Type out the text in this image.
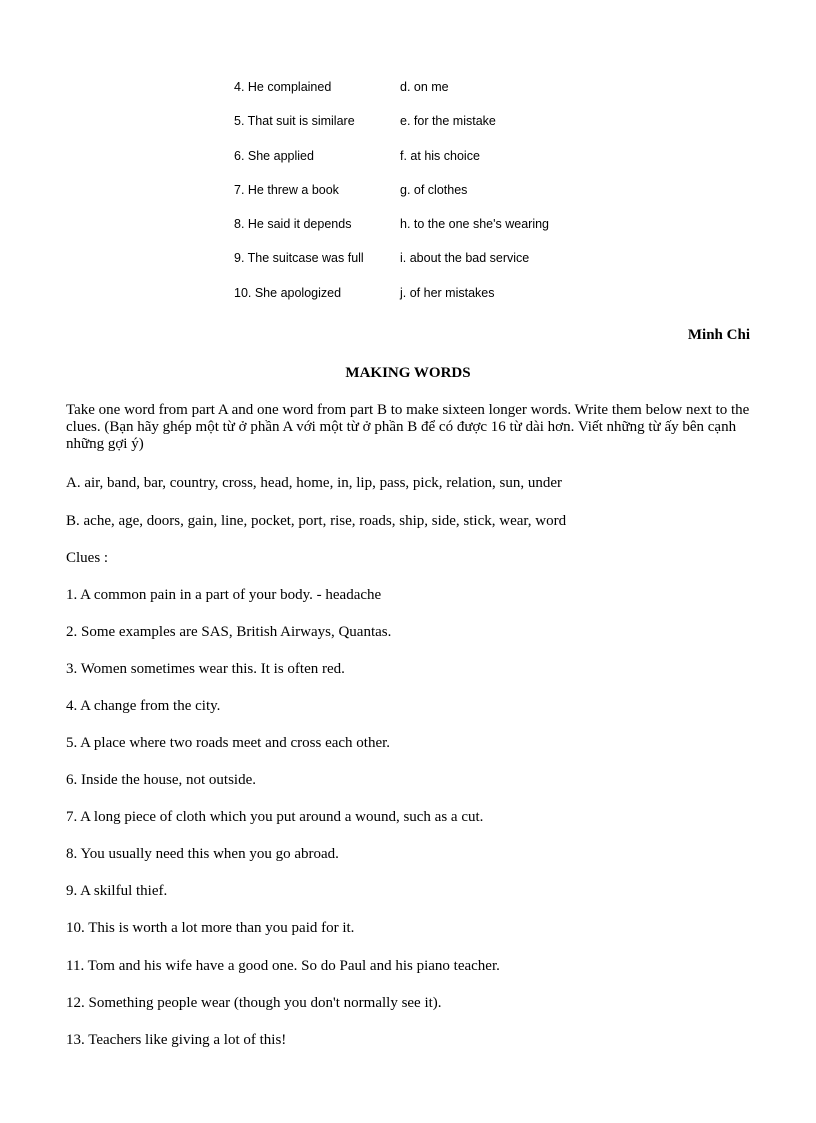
4. He complained	d. on me
5. That suit is similare	e. for the mistake
6. She applied	f. at his choice
7. He threw a book	g. of clothes
8. He said it depends	h. to the one she's wearing
9. The suitcase was full	i. about the bad service
10. She apologized	j. of her mistakes
Minh Chi
MAKING WORDS
Take one word from part A and one word from part B to make sixteen longer words. Write them below next to the clues. (Bạn hãy ghép một từ ở phần A với một từ ở phần B để có được 16 từ dài hơn. Viết những từ ấy bên cạnh những gợi ý)
A. air, band, bar, country, cross, head, home, in, lip, pass, pick, relation, sun, under
B. ache, age, doors, gain, line, pocket, port, rise, roads, ship, side, stick, wear, word
Clues :
1. A common pain in a part of your body. - headache
2. Some examples are SAS, British Airways, Quantas.
3. Women sometimes wear this. It is often red.
4. A change from the city.
5. A place where two roads meet and cross each other.
6. Inside the house, not outside.
7. A long piece of cloth which you put around a wound, such as a cut.
8. You usually need this when you go abroad.
9. A skilful thief.
10. This is worth a lot more than you paid for it.
11. Tom and his wife have a good one. So do Paul and his piano teacher.
12. Something people wear (though you don't normally see it).
13. Teachers like giving a lot of this!
